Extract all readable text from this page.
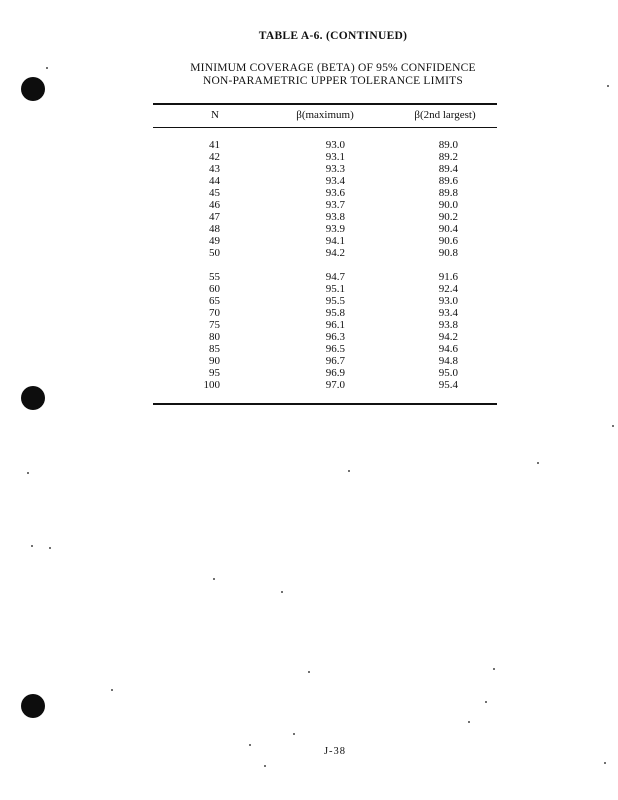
TABLE A-6. (CONTINUED)
MINIMUM COVERAGE (BETA) OF 95% CONFIDENCE
NON-PARAMETRIC UPPER TOLERANCE LIMITS
N	β(maximum)	β(2nd largest)
41	93.0	89.0
42	93.1	89.2
43	93.3	89.4
44	93.4	89.6
45	93.6	89.8
46	93.7	90.0
47	93.8	90.2
48	93.9	90.4
49	94.1	90.6
50	94.2	90.8
55	94.7	91.6
60	95.1	92.4
65	95.5	93.0
70	95.8	93.4
75	96.1	93.8
80	96.3	94.2
85	96.5	94.6
90	96.7	94.8
95	96.9	95.0
100	97.0	95.4
J-38
